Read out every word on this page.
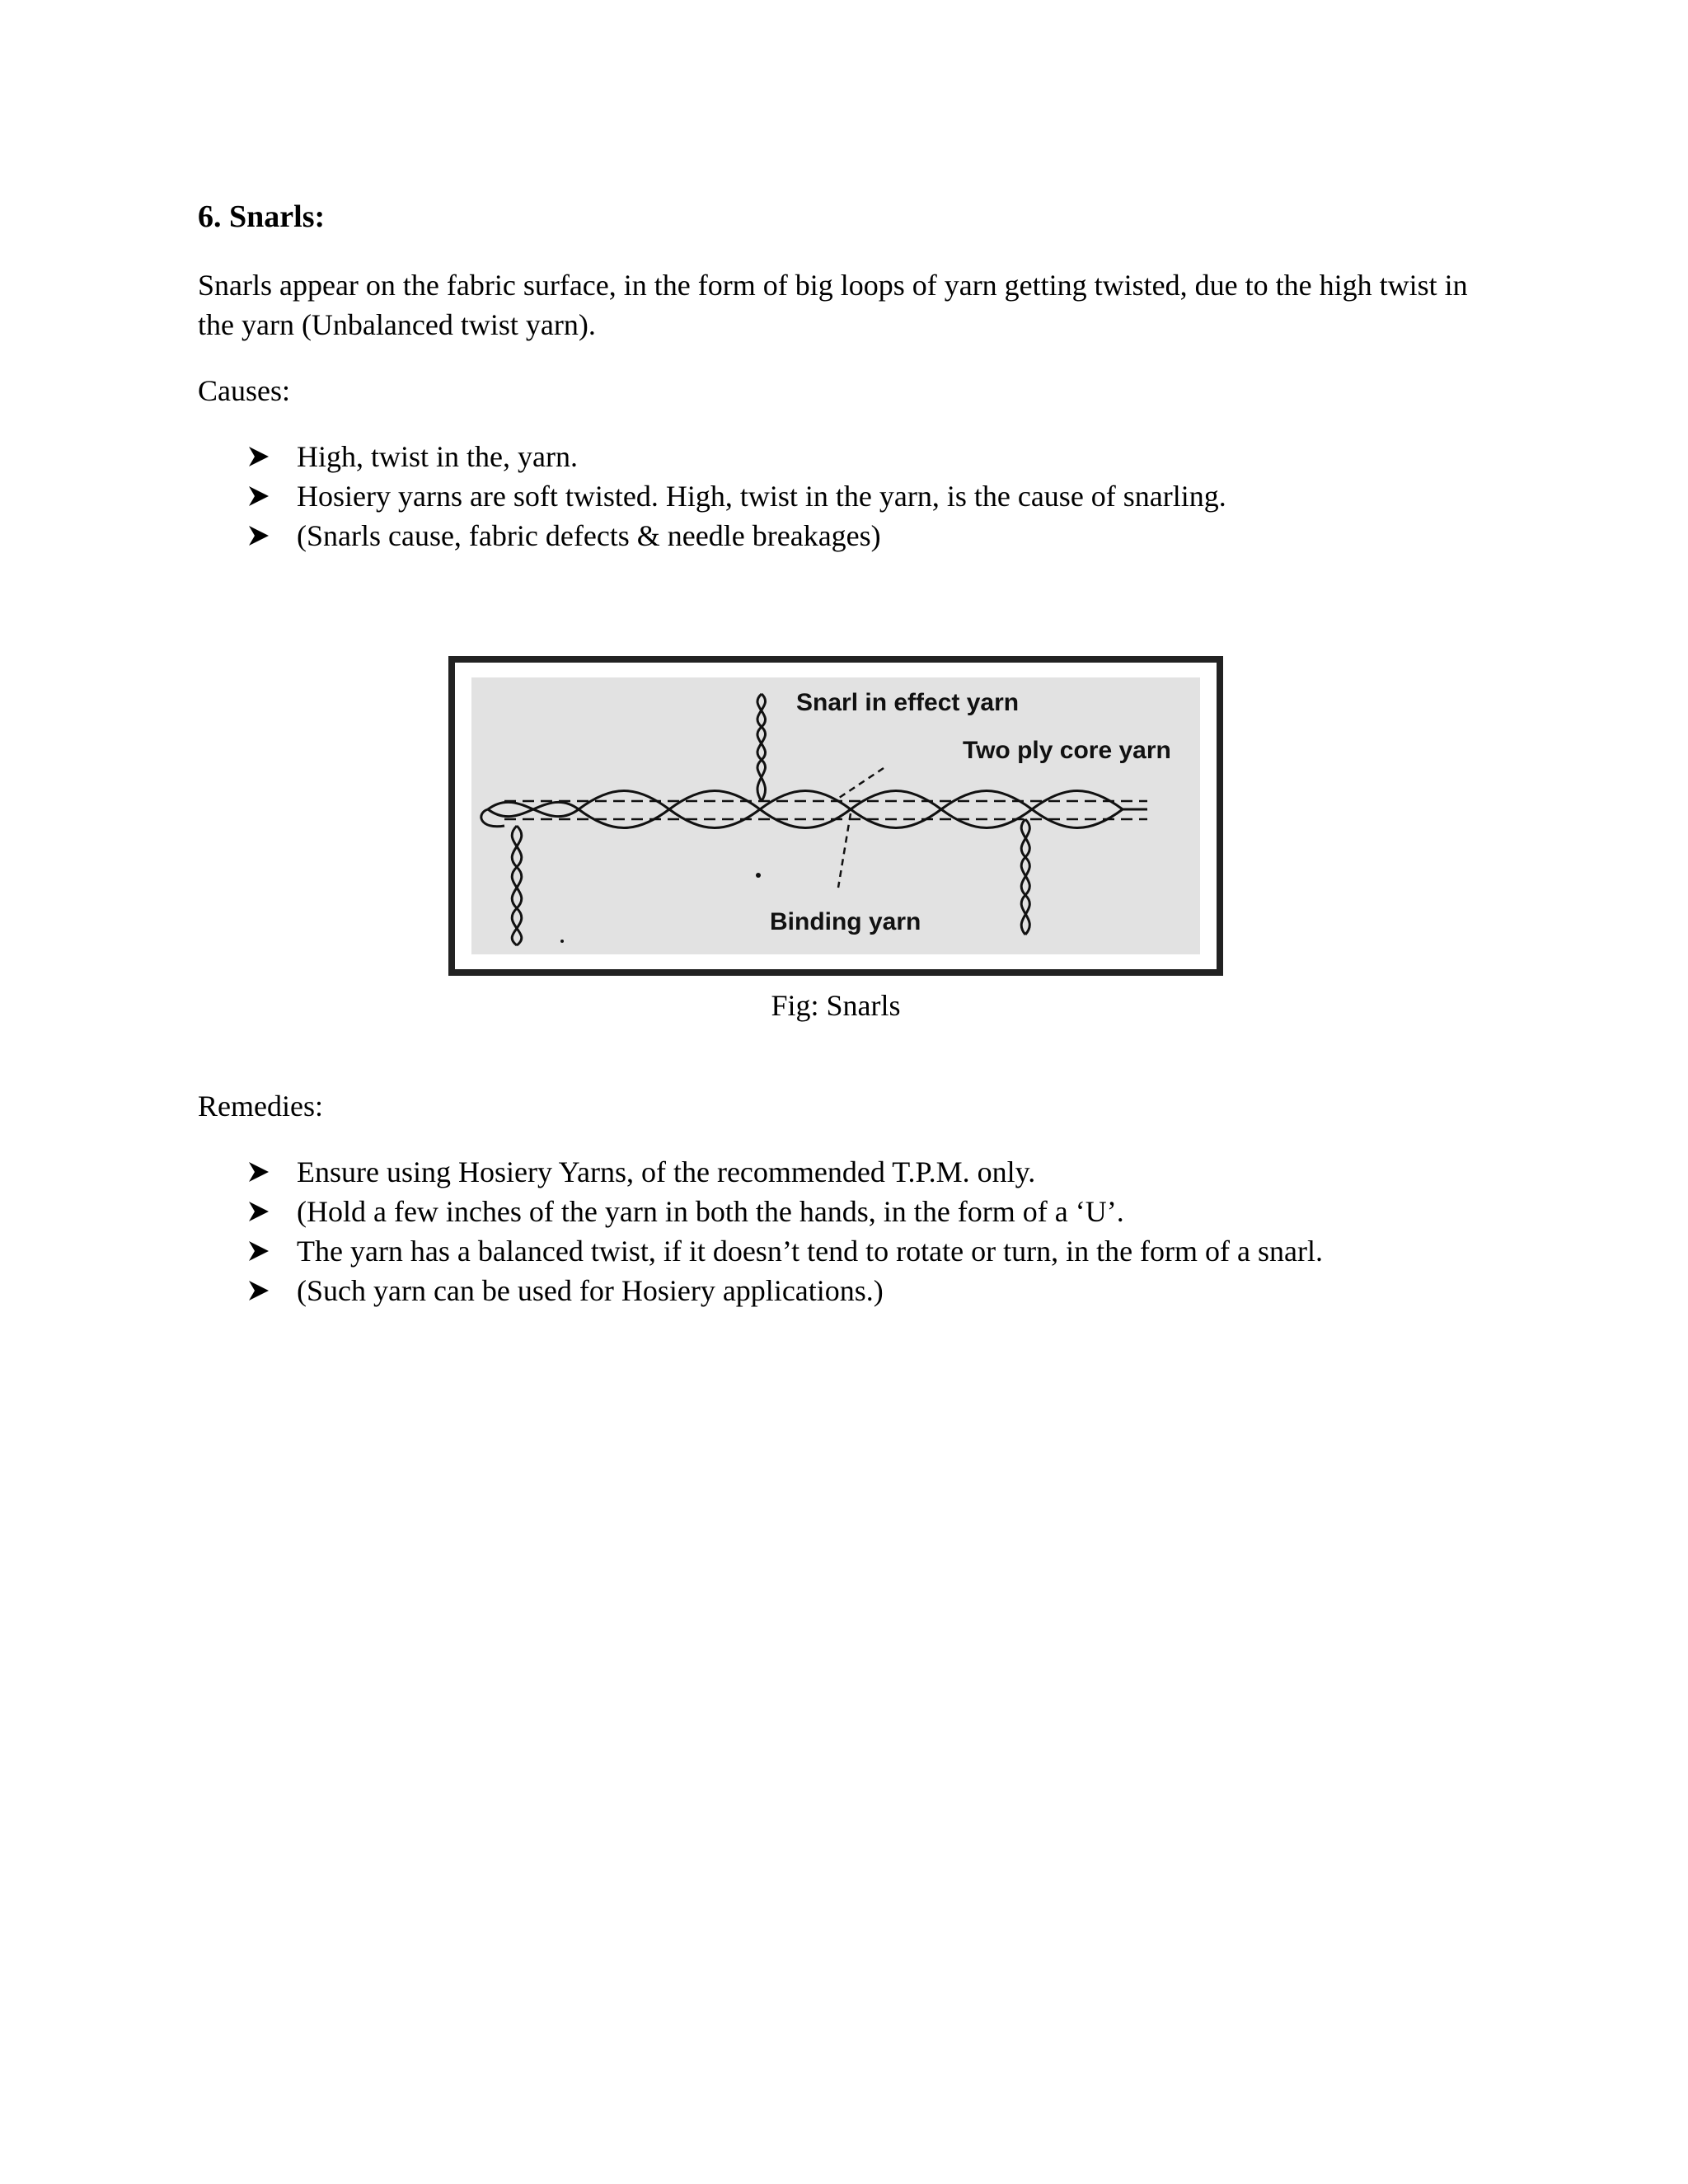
6. Snarls:

Snarls appear on the fabric surface, in the form of big loops of yarn getting twisted, due to the high twist in the yarn (Unbalanced twist yarn).

Causes:

High, twist in the, yarn.
Hosiery yarns are soft twisted. High, twist in the yarn, is the cause of snarling.
(Snarls cause, fabric defects & needle breakages)
Snarl in effect yarn
Two ply core yarn
Binding yarn

Fig: Snarls

Remedies:

Ensure using Hosiery Yarns, of the recommended T.P.M. only.
(Hold a few inches of the yarn in both the hands, in the form of a ‘U’.
The yarn has a balanced twist, if it doesn’t tend to rotate or turn, in the form of a snarl.
(Such yarn can be used for Hosiery applications.)
